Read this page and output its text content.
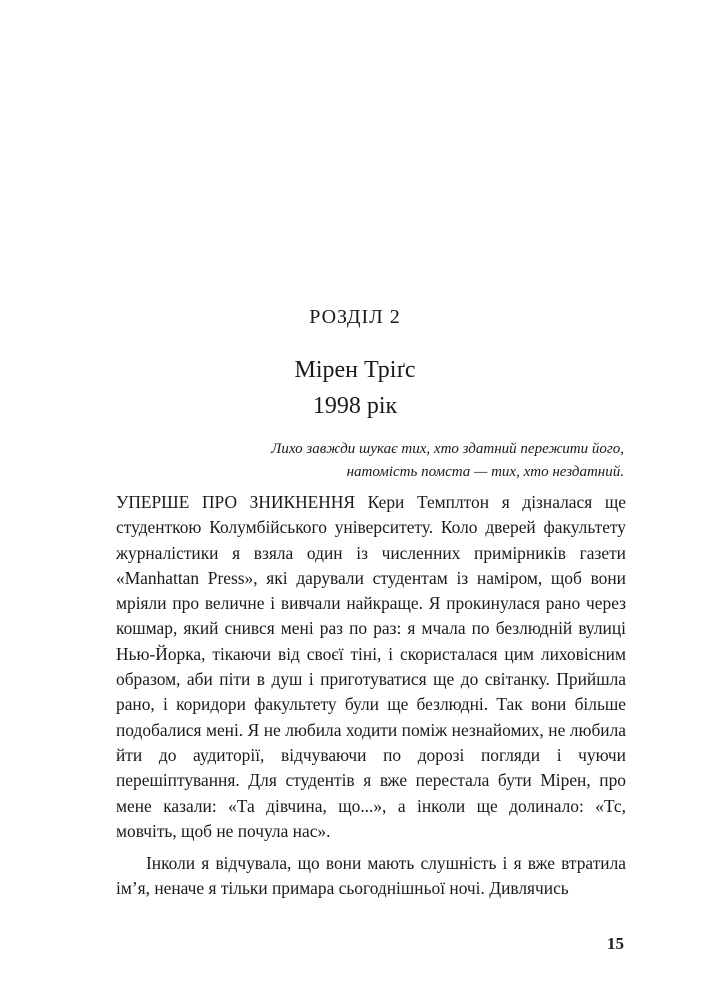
РОЗДІЛ 2
Мірен Тріґс
1998 рік
Лихо завжди шукає тих, хто здатний пережити його,
натомість помста — тих, хто нездатний.

УПЕРШЕ ПРО ЗНИКНЕННЯ Кери Темплтон я дізналася ще студенткою Колумбійського університету. Коло дверей факультету журналістики я взяла один із численних примірників газети «Manhattan Press», які дарували студентам із наміром, щоб вони мріяли про величне і вивчали найкраще. Я прокинулася рано через кошмар, який снився мені раз по раз: я мчала по безлюдній вулиці Нью-Йорка, тікаючи від своєї тіні, і скористалася цим лиховісним образом, аби піти в душ і приготуватися ще до світанку. Прийшла рано, і коридори факультету були ще безлюдні. Так вони більше подобалися мені. Я не любила ходити поміж незнайомих, не любила йти до аудиторії, відчуваючи по дорозі погляди і чуючи перешіптування. Для студентів я вже перестала бути Мірен, про мене казали: «Та дівчина, що...», а інколи ще долинало: «Тс, мовчіть, щоб не почула нас».

Інколи я відчувала, що вони мають слушність і я вже втратила ім’я, неначе я тільки примара сьогоднішньої ночі. Дивлячись

15
